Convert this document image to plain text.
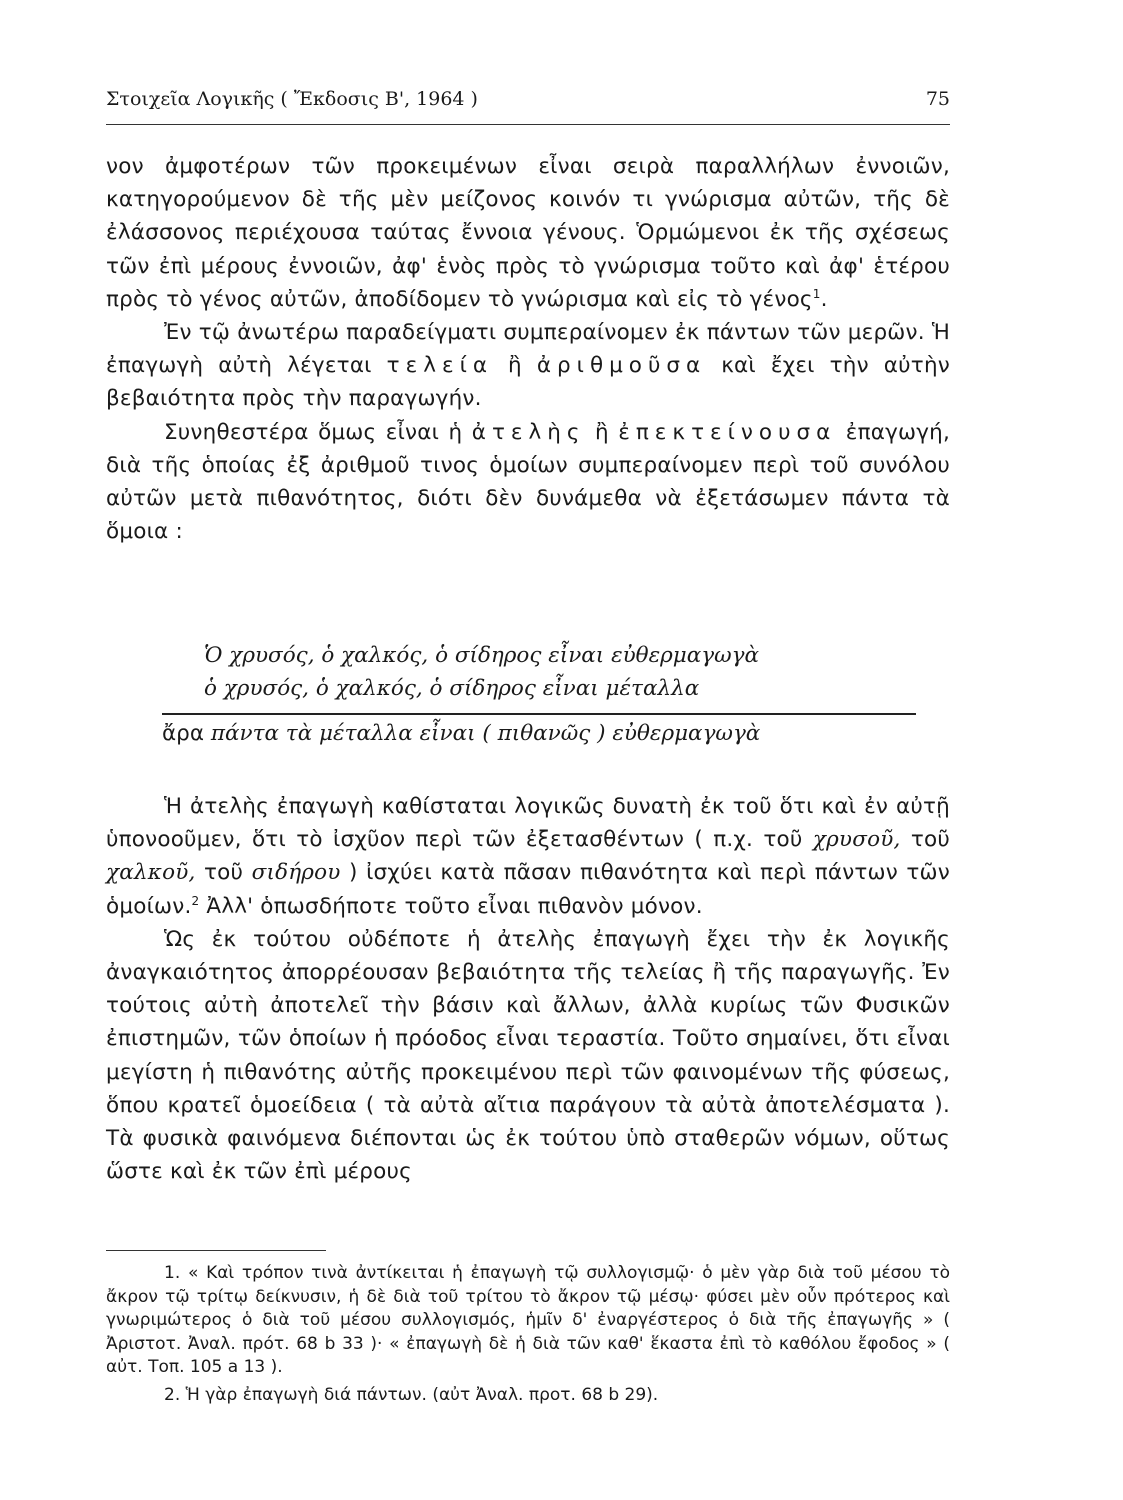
Στοιχεῖα Λογικῆς ( Ἔκδοσις Β', 1964 )	75

νον ἀμφοτέρων τῶν προκειμένων εἶναι σειρὰ παραλλήλων ἐννοιῶν, κατηγορούμενον δὲ τῆς μὲν μείζονος κοινόν τι γνώρισμα αὐτῶν, τῆς δὲ ἐλάσσονος περιέχουσα ταύτας ἔννοια γένους. Ὁρμώμενοι ἐκ τῆς σχέσεως τῶν ἐπὶ μέρους ἐννοιῶν, ἀφ' ἑνὸς πρὸς τὸ γνώρισμα τοῦτο καὶ ἀφ' ἑτέρου πρὸς τὸ γένος αὐτῶν, ἀποδίδομεν τὸ γνώρισμα καὶ εἰς τὸ γένος$^1$.

Ἐν τῷ ἀνωτέρω παραδείγματι συμπεραίνομεν ἐκ πάντων τῶν μερῶν. Ἡ ἐπαγωγὴ αὐτὴ λέγεται τελεία ἢ ἀριθμοῦσα καὶ ἔχει τὴν αὐτὴν βεβαιότητα πρὸς τὴν παραγωγήν.

Συνηθεστέρα ὅμως εἶναι ἡ ἀτελὴς ἢ ἐπεκτείνουσα ἐπαγωγή, διὰ τῆς ὁποίας ἐξ ἀριθμοῦ τινος ὁμοίων συμπεραίνομεν περὶ τοῦ συνόλου αὐτῶν μετὰ πιθανότητος, διότι δὲν δυνάμεθα νὰ ἐξετάσωμεν πάντα τὰ ὅμοια :

Ὁ χρυσός, ὁ χαλκός, ὁ σίδηρος εἶναι εὐθερμαγωγὰ
ὁ χρυσός, ὁ χαλκός, ὁ σίδηρος εἶναι μέταλλα
ἄρα πάντα τὰ μέταλλα εἶναι ( πιθανῶς ) εὐθερμαγωγὰ

Ἡ ἀτελὴς ἐπαγωγὴ καθίσταται λογικῶς δυνατὴ ἐκ τοῦ ὅτι καὶ ἐν αὐτῇ ὑπονοοῦμεν, ὅτι τὸ ἰσχῦον περὶ τῶν ἐξετασθέντων ( π.χ. τοῦ χρυσοῦ, τοῦ χαλκοῦ, τοῦ σιδήρου ) ἰσχύει κατὰ πᾶσαν πιθανότητα καὶ περὶ πάντων τῶν ὁμοίων.$^2$ Ἀλλ' ὁπωσδήποτε τοῦτο εἶναι πιθανὸν μόνον.

Ὡς ἐκ τούτου οὐδέποτε ἡ ἀτελὴς ἐπαγωγὴ ἔχει τὴν ἐκ λογικῆς ἀναγκαιότητος ἀπορρέουσαν βεβαιότητα τῆς τελείας ἢ τῆς παραγωγῆς. Ἐν τούτοις αὐτὴ ἀποτελεῖ τὴν βάσιν καὶ ἄλλων, ἀλλὰ κυρίως τῶν Φυσικῶν ἐπιστημῶν, τῶν ὁποίων ἡ πρόοδος εἶναι τεραστία. Τοῦτο σημαίνει, ὅτι εἶναι μεγίστη ἡ πιθανότης αὐτῆς προκειμένου περὶ τῶν φαινομένων τῆς φύσεως, ὅπου κρατεῖ ὁμοείδεια ( τὰ αὐτὰ αἴτια παράγουν τὰ αὐτὰ ἀποτελέσματα ). Τὰ φυσικὰ φαινόμενα διέπονται ὡς ἐκ τούτου ὑπὸ σταθερῶν νόμων, οὕτως ὥστε καὶ ἐκ τῶν ἐπὶ μέρους

1. « Καὶ τρόπον τινὰ ἀντίκειται ἡ ἐπαγωγὴ τῷ συλλογισμῷ· ὁ μὲν γὰρ διὰ τοῦ μέσου τὸ ἄκρον τῷ τρίτῳ δείκνυσιν, ἡ δὲ διὰ τοῦ τρίτου τὸ ἄκρον τῷ μέσῳ· φύσει μὲν οὖν πρότερος καὶ γνωριμώτερος ὁ διὰ τοῦ μέσου συλλογισμός, ἡμῖν δ' ἐναργέστερος ὁ διὰ τῆς ἐπαγωγῆς » ( Ἀριστοτ. Ἀναλ. πρότ. 68 b 33 )· « ἐπαγωγὴ δὲ ἡ διὰ τῶν καθ' ἕκαστα ἐπὶ τὸ καθόλου ἔφοδος » ( αὐτ. Τοπ. 105 a 13 ).

2. Ἡ γὰρ ἐπαγωγὴ διά πάντων. (αὐτ Ἀναλ. προτ. 68 b 29).
